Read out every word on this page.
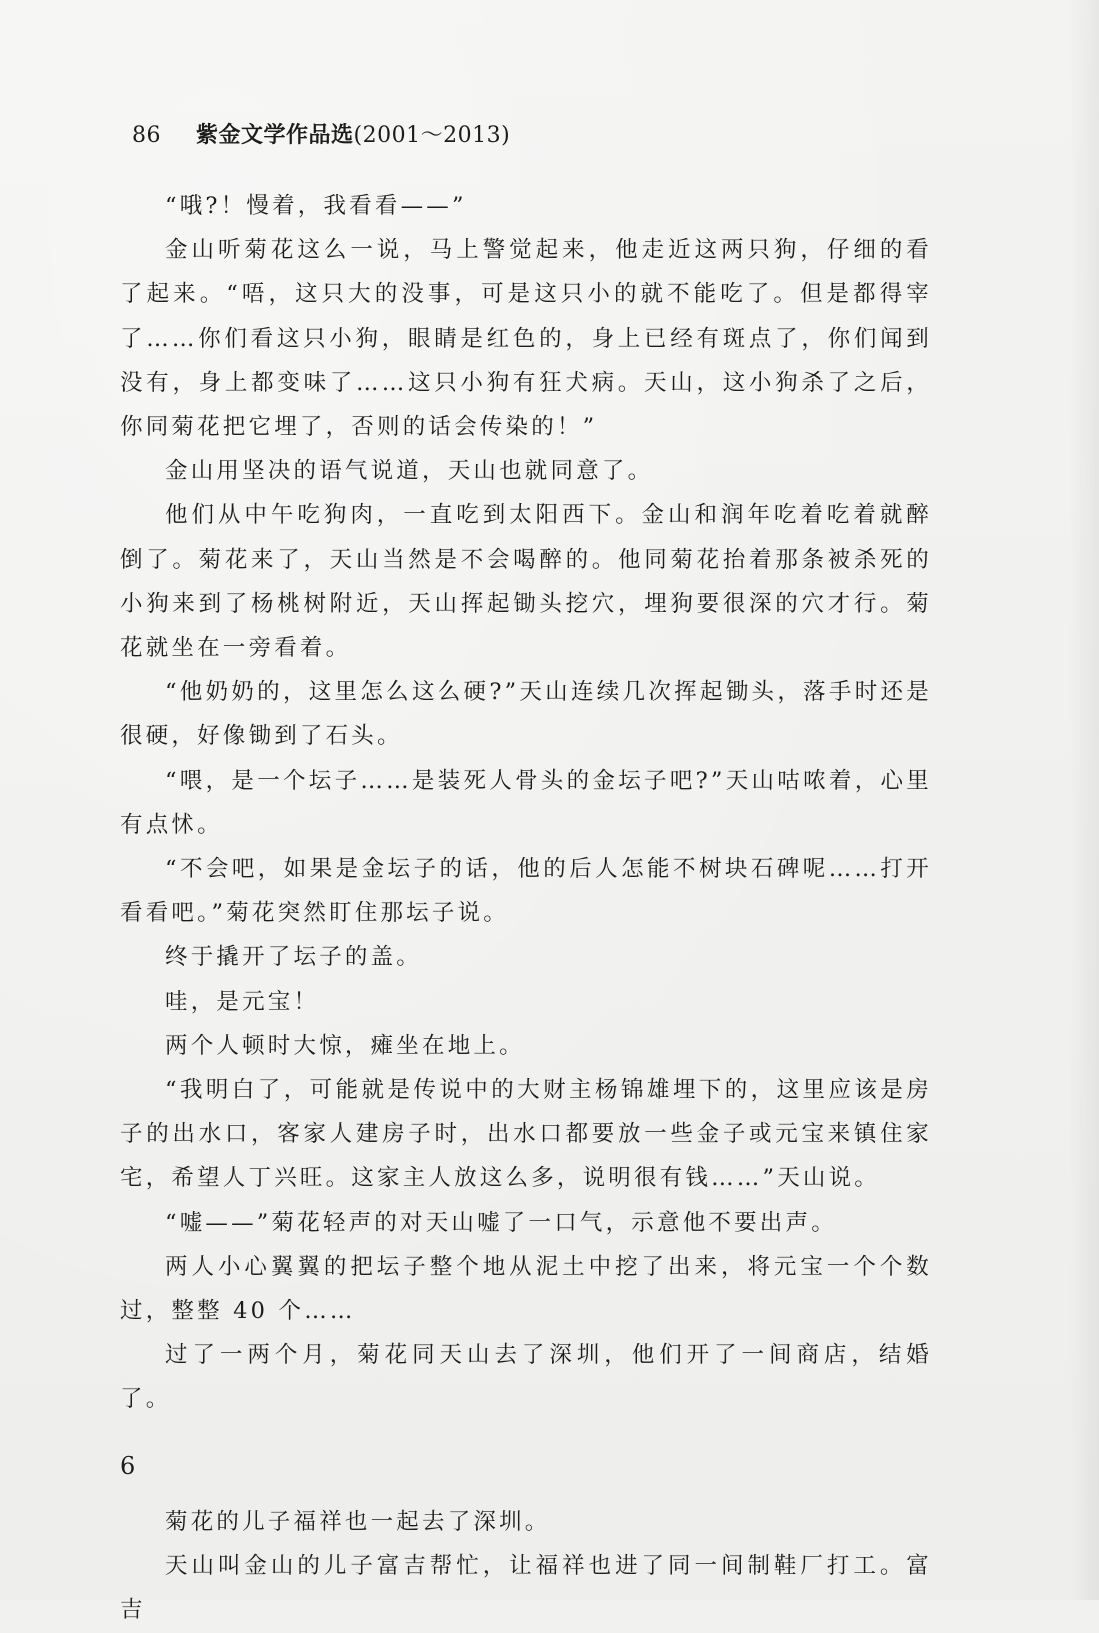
86 紫金文学作品选(2001～2013)

“哦?！慢着，我看看——”

金山听菊花这么一说，马上警觉起来，他走近这两只狗，仔细的看了起来。“唔，这只大的没事，可是这只小的就不能吃了。但是都得宰了……你们看这只小狗，眼睛是红色的，身上已经有斑点了，你们闻到没有，身上都变味了……这只小狗有狂犬病。天山，这小狗杀了之后，你同菊花把它埋了，否则的话会传染的！”

金山用坚决的语气说道，天山也就同意了。

他们从中午吃狗肉，一直吃到太阳西下。金山和润年吃着吃着就醉倒了。菊花来了，天山当然是不会喝醉的。他同菊花抬着那条被杀死的小狗来到了杨桃树附近，天山挥起锄头挖穴，埋狗要很深的穴才行。菊花就坐在一旁看着。

“他奶奶的，这里怎么这么硬?”天山连续几次挥起锄头，落手时还是很硬，好像锄到了石头。

“喂，是一个坛子……是装死人骨头的金坛子吧?”天山咕哝着，心里有点怵。

“不会吧，如果是金坛子的话，他的后人怎能不树块石碑呢……打开看看吧。”菊花突然盯住那坛子说。

终于撬开了坛子的盖。

哇，是元宝！

两个人顿时大惊，瘫坐在地上。

“我明白了，可能就是传说中的大财主杨锦雄埋下的，这里应该是房子的出水口，客家人建房子时，出水口都要放一些金子或元宝来镇住家宅，希望人丁兴旺。这家主人放这么多，说明很有钱……”天山说。

“嘘——”菊花轻声的对天山嘘了一口气，示意他不要出声。

两人小心翼翼的把坛子整个地从泥土中挖了出来，将元宝一个个数过，整整 40 个……

过了一两个月，菊花同天山去了深圳，他们开了一间商店，结婚了。

6

菊花的儿子福祥也一起去了深圳。

天山叫金山的儿子富吉帮忙，让福祥也进了同一间制鞋厂打工。富吉
